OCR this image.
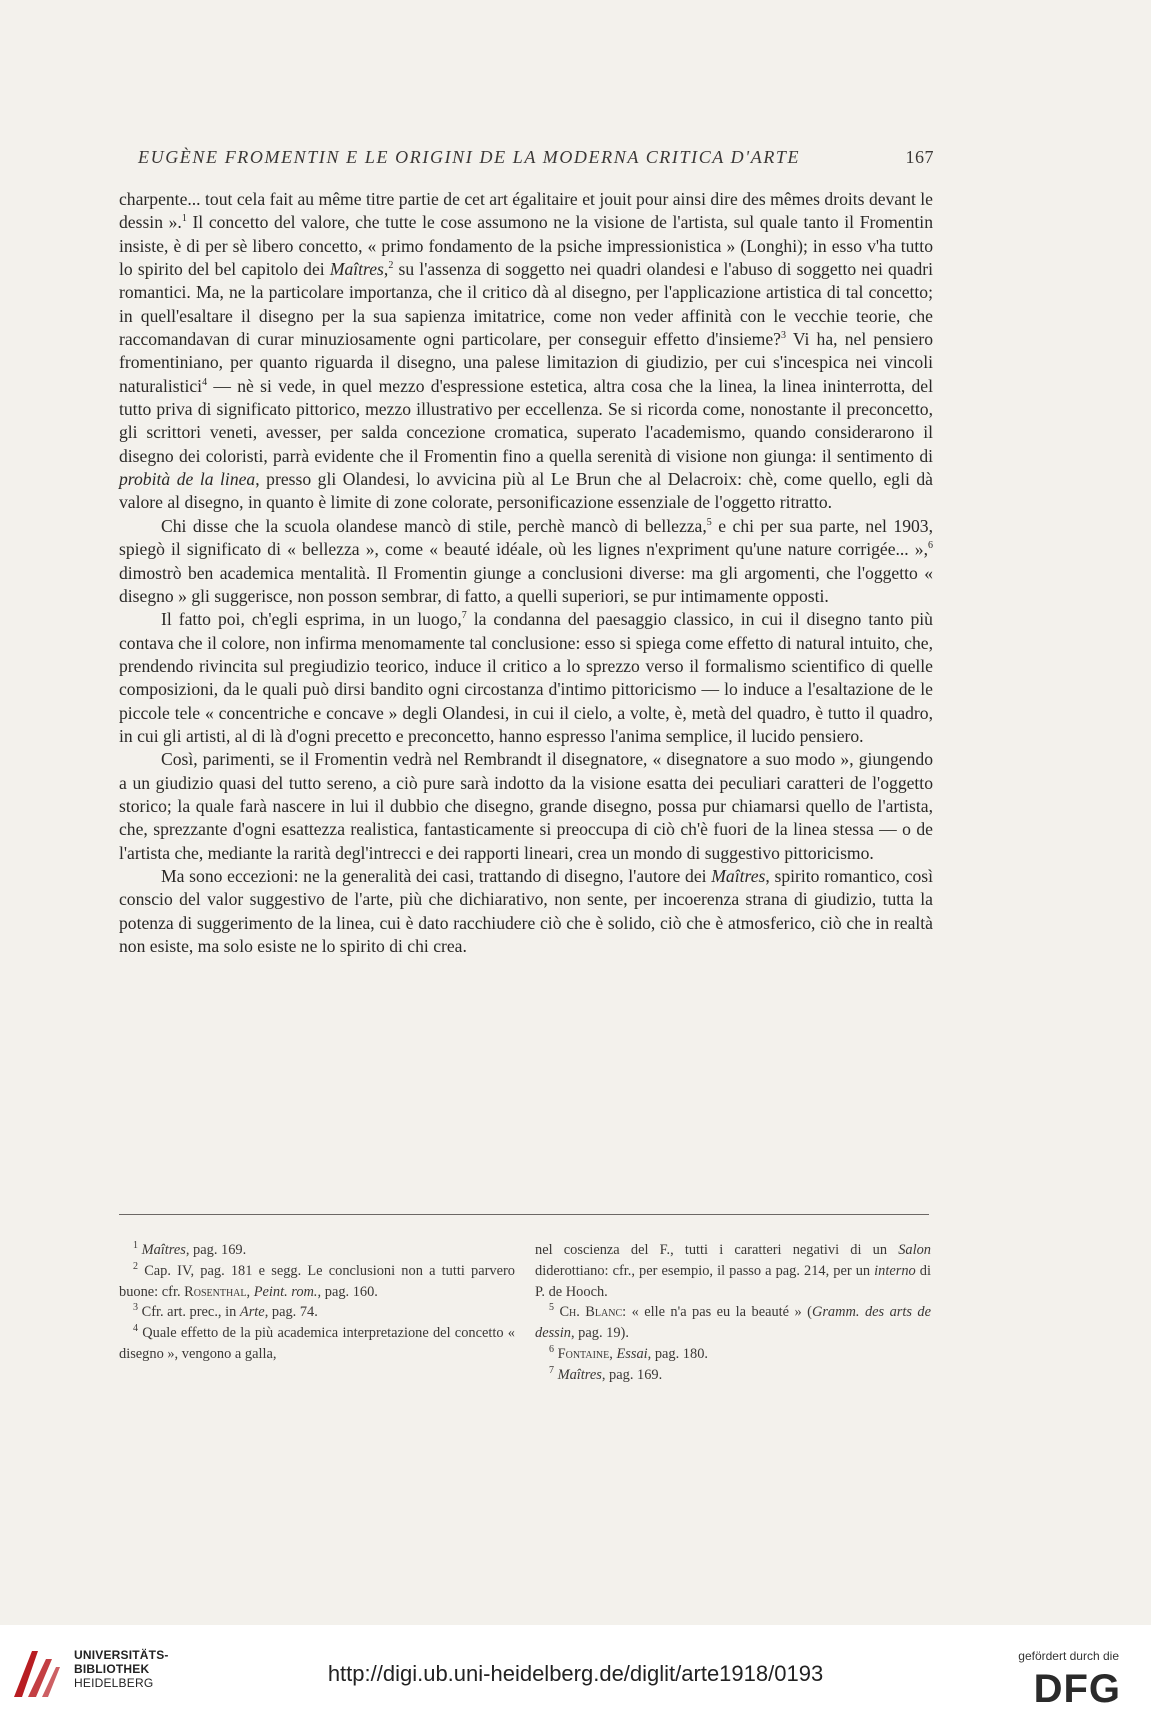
EUGÈNE FROMENTIN E LE ORIGINI DE LA MODERNA CRITICA D'ARTE	167

charpente... tout cela fait au même titre partie de cet art égalitaire et jouit pour ainsi dire des mêmes droits devant le dessin ».$^1$ Il concetto del valore, che tutte le cose assumono ne la visione de l'artista, sul quale tanto il Fromentin insiste, è di per sè libero concetto, « primo fondamento de la psiche impressionistica » (Longhi); in esso v'ha tutto lo spirito del bel capitolo dei Maîtres,$^2$ su l'assenza di soggetto nei quadri olandesi e l'abuso di soggetto nei quadri romantici. Ma, ne la particolare importanza, che il critico dà al disegno, per l'applicazione artistica di tal concetto; in quell'esaltare il disegno per la sua sapienza imitatrice, come non veder affinità con le vecchie teorie, che raccomandavan di curar minuziosamente ogni particolare, per conseguir effetto d'insieme?$^3$ Vi ha, nel pensiero fromentiniano, per quanto riguarda il disegno, una palese limitazion di giudizio, per cui s'incespica nei vincoli naturalistici$^4$ — nè si vede, in quel mezzo d'espressione estetica, altra cosa che la linea, la linea ininterrotta, del tutto priva di significato pittorico, mezzo illustrativo per eccellenza. Se si ricorda come, nonostante il preconcetto, gli scrittori veneti, avesser, per salda concezione cromatica, superato l'academismo, quando considerarono il disegno dei coloristi, parrà evidente che il Fromentin fino a quella serenità di visione non giunga: il sentimento di probità de la linea, presso gli Olandesi, lo avvicina più al Le Brun che al Delacroix: chè, come quello, egli dà valore al disegno, in quanto è limite di zone colorate, personificazione essenziale de l'oggetto ritratto.

Chi disse che la scuola olandese mancò di stile, perchè mancò di bellezza,$^5$ e chi per sua parte, nel 1903, spiegò il significato di « bellezza », come « beauté idéale, où les lignes n'expriment qu'une nature corrigée... »,$^6$ dimostrò ben academica mentalità. Il Fromentin giunge a conclusioni diverse: ma gli argomenti, che l'oggetto « disegno » gli suggerisce, non posson sembrar, di fatto, a quelli superiori, se pur intimamente opposti.

Il fatto poi, ch'egli esprima, in un luogo,$^7$ la condanna del paesaggio classico, in cui il disegno tanto più contava che il colore, non infirma menomamente tal conclusione: esso si spiega come effetto di natural intuito, che, prendendo rivincita sul pregiudizio teorico, induce il critico a lo sprezzo verso il formalismo scientifico di quelle composizioni, da le quali può dirsi bandito ogni circostanza d'intimo pittoricismo — lo induce a l'esaltazione de le piccole tele « concentriche e concave » degli Olandesi, in cui il cielo, a volte, è, metà del quadro, è tutto il quadro, in cui gli artisti, al di là d'ogni precetto e preconcetto, hanno espresso l'anima semplice, il lucido pensiero.

Così, parimenti, se il Fromentin vedrà nel Rembrandt il disegnatore, « disegnatore a suo modo », giungendo a un giudizio quasi del tutto sereno, a ciò pure sarà indotto da la visione esatta dei peculiari caratteri de l'oggetto storico; la quale farà nascere in lui il dubbio che disegno, grande disegno, possa pur chiamarsi quello de l'artista, che, sprezzante d'ogni esattezza realistica, fantasticamente si preoccupa di ciò ch'è fuori de la linea stessa — o de l'artista che, mediante la rarità degl'intrecci e dei rapporti lineari, crea un mondo di suggestivo pittoricismo.

Ma sono eccezioni: ne la generalità dei casi, trattando di disegno, l'autore dei Maîtres, spirito romantico, così conscio del valor suggestivo de l'arte, più che dichiarativo, non sente, per incoerenza strana di giudizio, tutta la potenza di suggerimento de la linea, cui è dato racchiudere ciò che è solido, ciò che è atmosferico, ciò che in realtà non esiste, ma solo esiste ne lo spirito di chi crea.

$^1$ Maîtres, pag. 169.

$^2$ Cap. IV, pag. 181 e segg. Le conclusioni non a tutti parvero buone: cfr. Rosenthal, Peint. rom., pag. 160.

$^3$ Cfr. art. prec., in Arte, pag. 74.

$^4$ Quale effetto de la più academica interpretazione del concetto « disegno », vengono a galla,

nel coscienza del F., tutti i caratteri negativi di un Salon diderottiano: cfr., per esempio, il passo a pag. 214, per un interno di P. de Hooch.

$^5$ Ch. Blanc: « elle n'a pas eu la beauté » (Gramm. des arts de dessin, pag. 19).

$^6$ Fontaine, Essai, pag. 180.

$^7$ Maîtres, pag. 169.

UNIVERSITÄTS-
BIBLIOTHEK
HEIDELBERG	http://digi.ub.uni-heidelberg.de/diglit/arte1918/0193
gefördert durch die
DFG
